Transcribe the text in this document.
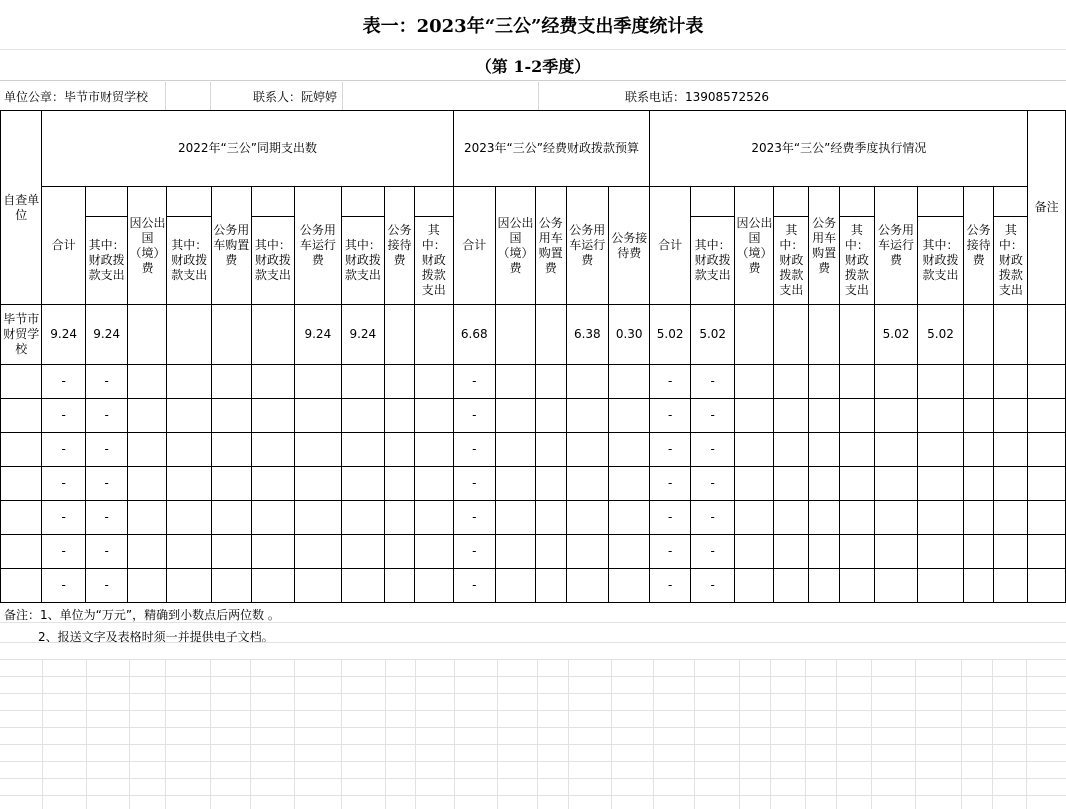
表一：2023年“三公”经费支出季度统计表
（第 1-2季度）
单位公章：毕节市财贸学校	联系人：阮婷婷	联系电话：13908572526
自查单位	2022年“三公”同期支出数										2023年“三公”经费财政拨款预算					2023年“三公”经费季度执行情况										备注
	合计		因公出国（境）费		公务用车购置费		公务用车运行费		公务接待费		合计	因公出国（境）费	公务用车购置费	公务用车运行费	公务接待费	合计		因公出国（境）费		公务用车购置费		公务用车运行费		公务接待费		
		其中：财政拨款支出		其中：财政拨款支出		其中：财政拨款支出		其中：财政拨款支出		其中：财政拨款支出							其中：财政拨款支出		其中：财政拨款支出		其中：财政拨款支出		其中：财政拨款支出		其中：财政拨款支出	
毕节市财贸学校	9.24	9.24					9.24	9.24			6.68			6.38	0.30	5.02	5.02					5.02	5.02			
	-	-									-					-	-									
	-	-									-					-	-									
	-	-									-					-	-									
	-	-									-					-	-									
	-	-									-					-	-									
	-	-									-					-	-									
	-	-									-					-	-									
备注：1、单位为“万元”，精确到小数点后两位数 。
2、报送文字及表格时须一并提供电子文档。
